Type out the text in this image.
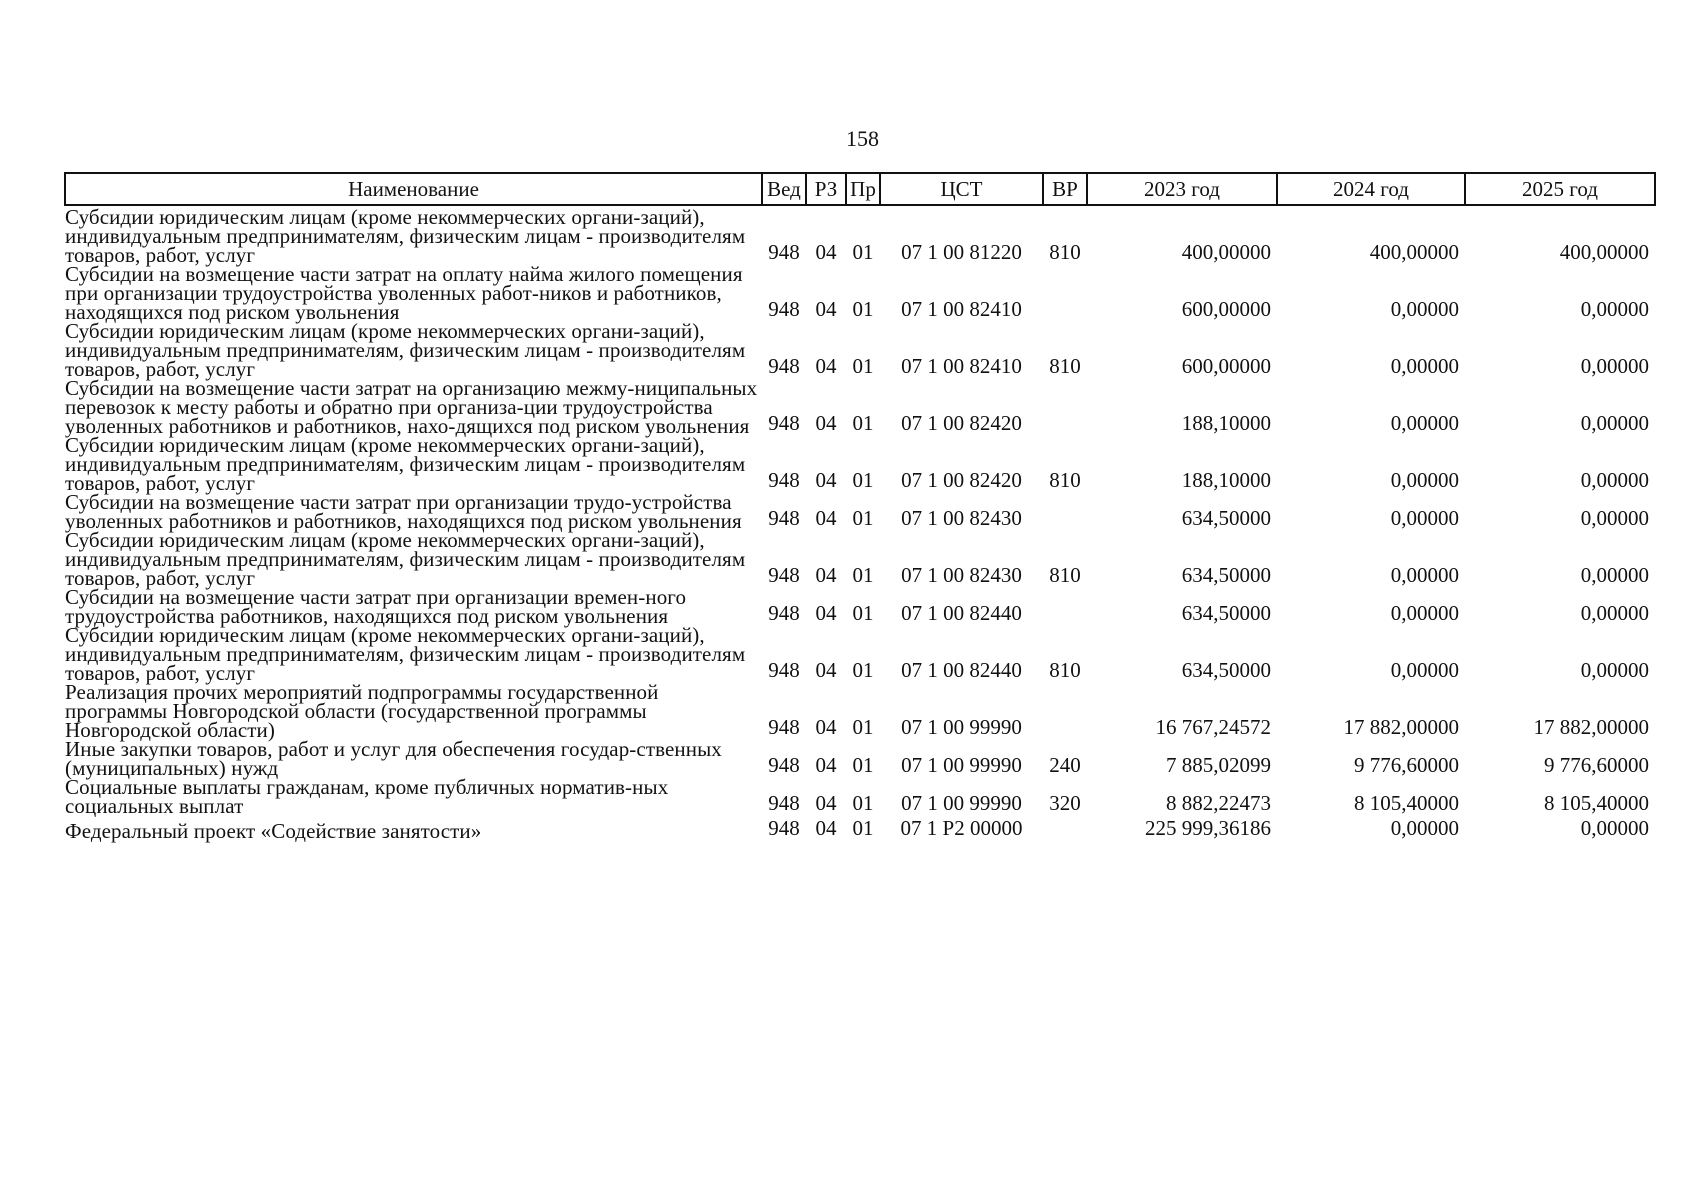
158
Наименование	Вед	РЗ	Пр	ЦСТ	ВР	2023 год	2024 год	2025 год
Субсидии юридическим лицам (кроме некоммерческих органи-заций), индивидуальным предпринимателям, физическим лицам - производителям товаров, работ, услуг	948	04	01	07 1 00 81220	810	400,00000	400,00000	400,00000
Субсидии на возмещение части затрат на оплату найма жилого помещения при организации трудоустройства уволенных работ-ников и работников, находящихся под риском увольнения	948	04	01	07 1 00 82410		600,00000	0,00000	0,00000
Субсидии юридическим лицам (кроме некоммерческих органи-заций), индивидуальным предпринимателям, физическим лицам - производителям товаров, работ, услуг	948	04	01	07 1 00 82410	810	600,00000	0,00000	0,00000
Субсидии на возмещение части затрат на организацию межму-ниципальных перевозок к месту работы и обратно при организа-ции трудоустройства уволенных работников и работников, нахо-дящихся под риском увольнения	948	04	01	07 1 00 82420		188,10000	0,00000	0,00000
Субсидии юридическим лицам (кроме некоммерческих органи-заций), индивидуальным предпринимателям, физическим лицам - производителям товаров, работ, услуг	948	04	01	07 1 00 82420	810	188,10000	0,00000	0,00000
Субсидии на возмещение части затрат при организации трудо-устройства уволенных работников и работников, находящихся под риском увольнения	948	04	01	07 1 00 82430		634,50000	0,00000	0,00000
Субсидии юридическим лицам (кроме некоммерческих органи-заций), индивидуальным предпринимателям, физическим лицам - производителям товаров, работ, услуг	948	04	01	07 1 00 82430	810	634,50000	0,00000	0,00000
Субсидии на возмещение части затрат при организации времен-ного трудоустройства работников, находящихся под риском увольнения	948	04	01	07 1 00 82440		634,50000	0,00000	0,00000
Субсидии юридическим лицам (кроме некоммерческих органи-заций), индивидуальным предпринимателям, физическим лицам - производителям товаров, работ, услуг	948	04	01	07 1 00 82440	810	634,50000	0,00000	0,00000
Реализация прочих мероприятий подпрограммы государственной программы Новгородской области (государственной программы Новгородской области)	948	04	01	07 1 00 99990		16 767,24572	17 882,00000	17 882,00000
Иные закупки товаров, работ и услуг для обеспечения государ-ственных (муниципальных) нужд	948	04	01	07 1 00 99990	240	7 885,02099	9 776,60000	9 776,60000
Социальные выплаты гражданам, кроме публичных норматив-ных социальных выплат	948	04	01	07 1 00 99990	320	8 882,22473	8 105,40000	8 105,40000
Федеральный проект «Содействие занятости»	948	04	01	07 1 P2 00000		225 999,36186	0,00000	0,00000
